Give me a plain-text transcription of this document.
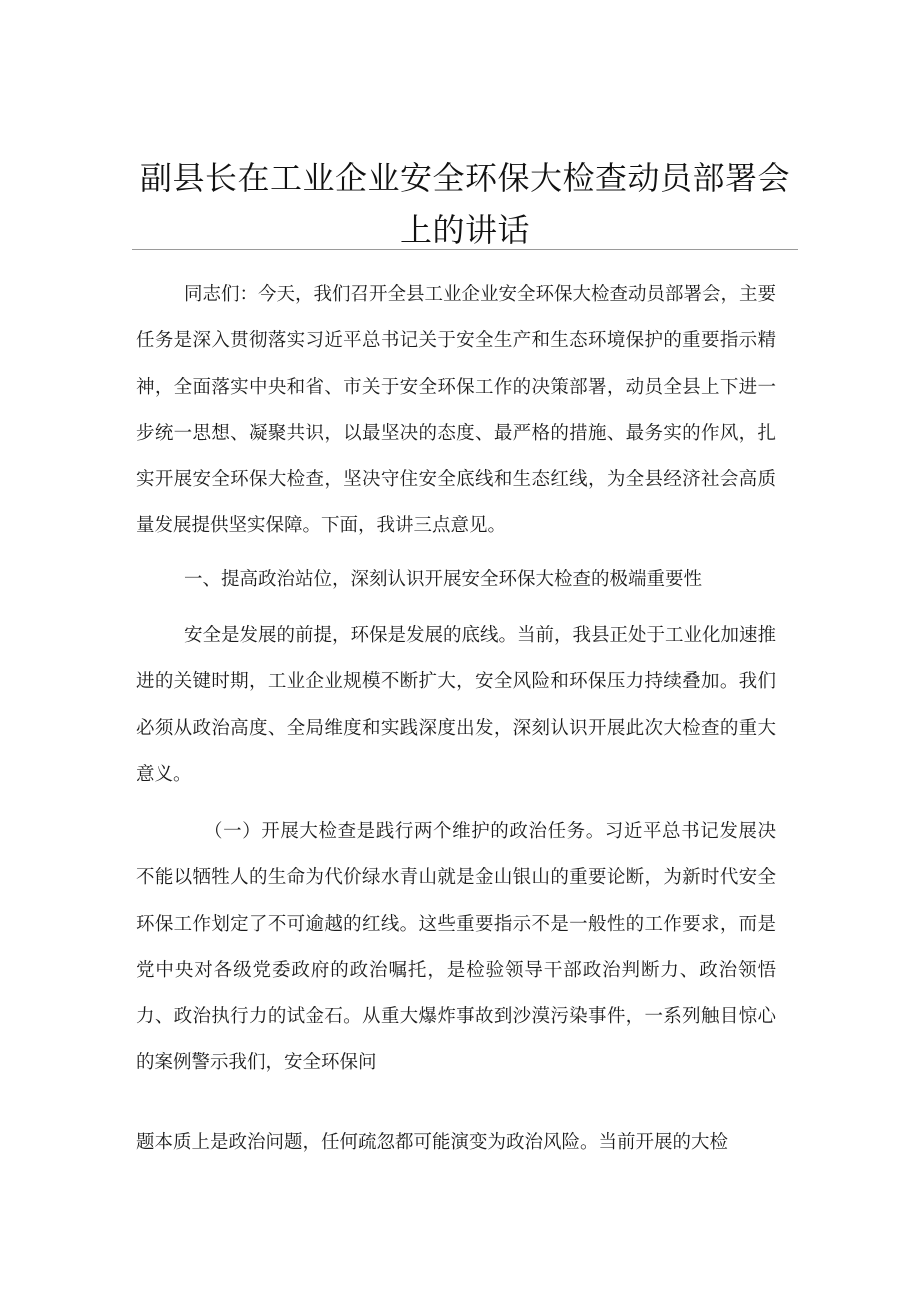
副县长在工业企业安全环保大检查动员部署会上的讲话

同志们：今天，我们召开全县工业企业安全环保大检查动员部署会，主要任务是深入贯彻落实习近平总书记关于安全生产和生态环境保护的重要指示精神，全面落实中央和省、市关于安全环保工作的决策部署，动员全县上下进一步统一思想、凝聚共识，以最坚决的态度、最严格的措施、最务实的作风，扎实开展安全环保大检查，坚决守住安全底线和生态红线，为全县经济社会高质量发展提供坚实保障。下面，我讲三点意见。

一、提高政治站位，深刻认识开展安全环保大检查的极端重要性

安全是发展的前提，环保是发展的底线。当前，我县正处于工业化加速推进的关键时期，工业企业规模不断扩大，安全风险和环保压力持续叠加。我们必须从政治高度、全局维度和实践深度出发，深刻认识开展此次大检查的重大意义。

（一）开展大检查是践行两个维护的政治任务。习近平总书记发展决不能以牺牲人的生命为代价绿水青山就是金山银山的重要论断，为新时代安全环保工作划定了不可逾越的红线。这些重要指示不是一般性的工作要求，而是党中央对各级党委政府的政治嘱托，是检验领导干部政治判断力、政治领悟力、政治执行力的试金石。从重大爆炸事故到沙漠污染事件，一系列触目惊心的案例警示我们，安全环保问

题本质上是政治问题，任何疏忽都可能演变为政治风险。当前开展的大检
